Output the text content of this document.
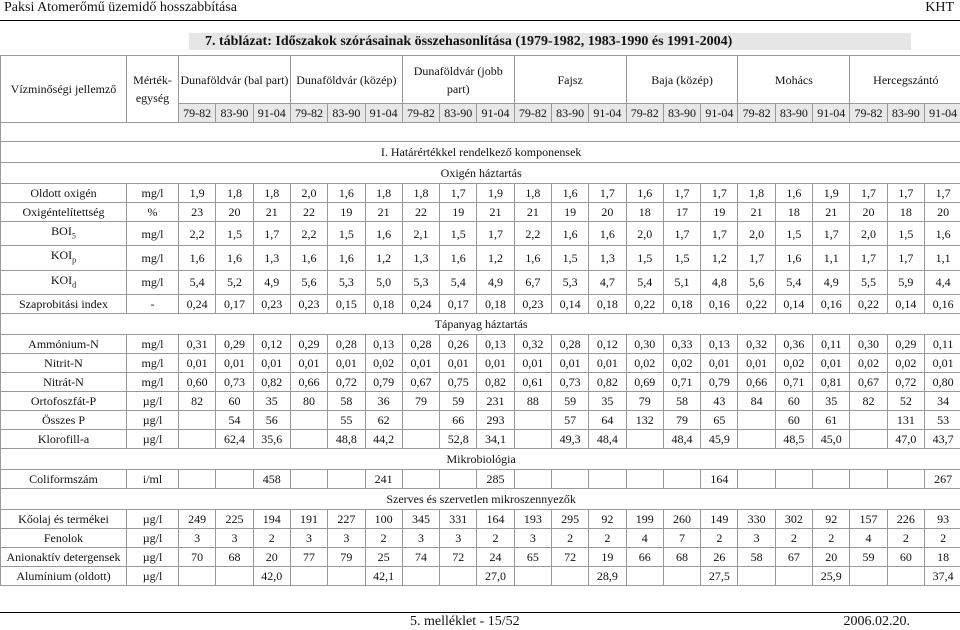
Paksi Atomerőmű üzemidő hosszabbítása	KHT
7. táblázat: Időszakok szórásainak összehasonlítása (1979-1982, 1983-1990 és 1991-2004)
Vízminőségi jellemző	Mérték-egység	Dunaföldvár (bal part)			Dunaföldvár (közép)			Dunaföldvár (jobb part)			Fajsz			Baja (közép)			Mohács			Hercegszántó		
		79-82	83-90	91-04	79-82	83-90	91-04	79-82	83-90	91-04	79-82	83-90	91-04	79-82	83-90	91-04	79-82	83-90	91-04	79-82	83-90	91-04

I. Határértékkel rendelkező komponensek																						
Oxigén háztartás																						
Oldott oxigén	mg/l	1,9	1,8	1,8	2,0	1,6	1,8	1,8	1,7	1,9	1,8	1,6	1,7	1,6	1,7	1,7	1,8	1,6	1,9	1,7	1,7	1,7
Oxigéntelítettség	%	23	20	21	22	19	21	22	19	21	21	19	20	18	17	19	21	18	21	20	18	20
$BOI_5$	mg/l	2,2	1,5	1,7	2,2	1,5	1,6	2,1	1,5	1,7	2,2	1,6	1,6	2,0	1,7	1,7	2,0	1,5	1,7	2,0	1,5	1,6
$KOI_p$	mg/l	1,6	1,6	1,3	1,6	1,6	1,2	1,3	1,6	1,2	1,6	1,5	1,3	1,5	1,5	1,2	1,7	1,6	1,1	1,7	1,7	1,1
$KOI_d$	mg/l	5,4	5,2	4,9	5,6	5,3	5,0	5,3	5,4	4,9	6,7	5,3	4,7	5,4	5,1	4,8	5,6	5,4	4,9	5,5	5,9	4,4
Szaprobitási index	-	0,24	0,17	0,23	0,23	0,15	0,18	0,24	0,17	0,18	0,23	0,14	0,18	0,22	0,18	0,16	0,22	0,14	0,16	0,22	0,14	0,16
Tápanyag háztartás																						
Ammónium-N	mg/l	0,31	0,29	0,12	0,29	0,28	0,13	0,28	0,26	0,13	0,32	0,28	0,12	0,30	0,33	0,13	0,32	0,36	0,11	0,30	0,29	0,11
Nitrit-N	mg/l	0,01	0,01	0,01	0,01	0,01	0,02	0,01	0,01	0,01	0,01	0,01	0,01	0,02	0,02	0,01	0,01	0,02	0,01	0,02	0,02	0,01
Nitrát-N	mg/l	0,60	0,73	0,82	0,66	0,72	0,79	0,67	0,75	0,82	0,61	0,73	0,82	0,69	0,71	0,79	0,66	0,71	0,81	0,67	0,72	0,80
Ortofoszfát-P	µg/l	82	60	35	80	58	36	79	59	231	88	59	35	79	58	43	84	60	35	82	52	34
Összes P	µg/l		54	56		55	62		66	293		57	64	132	79	65		60	61		131	53
Klorofill-a	µg/l		62,4	35,6		48,8	44,2		52,8	34,1		49,3	48,4		48,4	45,9		48,5	45,0		47,0	43,7
Mikrobiológia																						
Coliformszám	i/ml			458			241			285						164						267
Szerves és szervetlen mikroszennyezők																						
Kőolaj és termékei	µg/l	249	225	194	191	227	100	345	331	164	193	295	92	199	260	149	330	302	92	157	226	93
Fenolok	µg/l	3	3	2	3	3	2	3	3	2	3	2	2	4	7	2	3	2	2	4	2	2
Anionaktív detergensek	µg/l	70	68	20	77	79	25	74	72	24	65	72	19	66	68	26	58	67	20	59	60	18
Alumínium (oldott)	µg/l			42,0			42,1			27,0			28,9			27,5			25,9			37,4
5. melléklet - 15/52	2006.02.20.
